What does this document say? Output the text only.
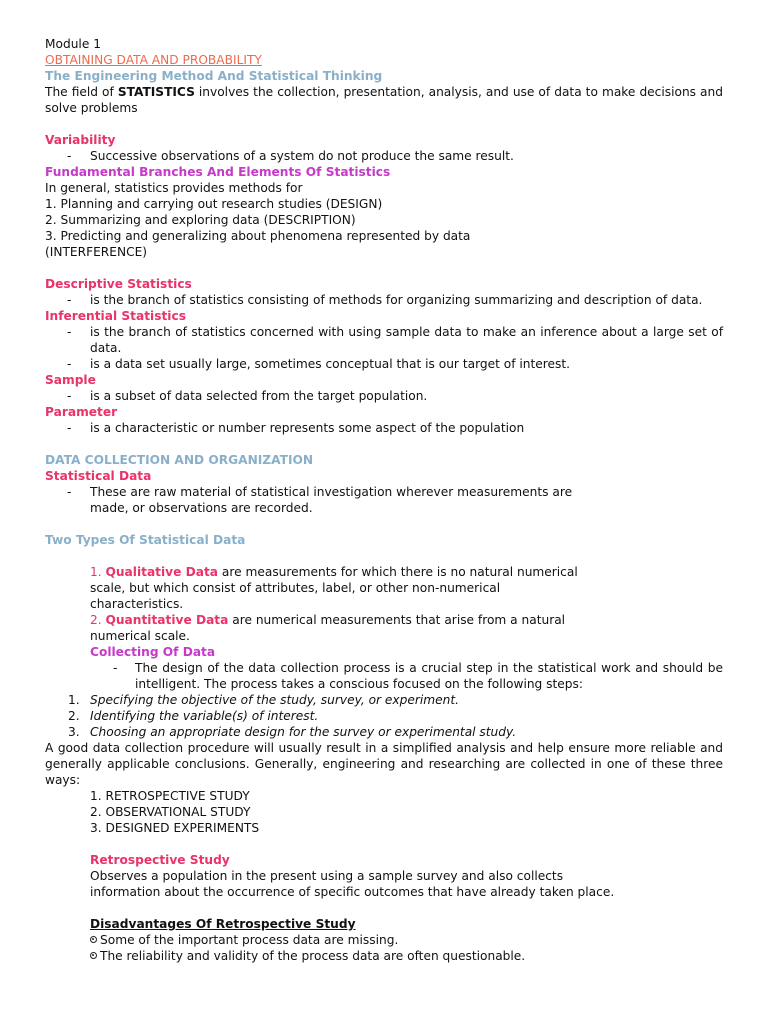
Module 1
OBTAINING DATA AND PROBABILITY
The Engineering Method And Statistical Thinking
The field of STATISTICS involves the collection, presentation, analysis, and use of data to make decisions and solve problems
Variability
- Successive observations of a system do not produce the same result.
Fundamental Branches And Elements Of Statistics
In general, statistics provides methods for
1. Planning and carrying out research studies (DESIGN)
2. Summarizing and exploring data (DESCRIPTION)
3. Predicting and generalizing about phenomena represented by data
(INTERFERENCE)
Descriptive Statistics
- is the branch of statistics consisting of methods for organizing summarizing and description of data.
Inferential Statistics
- is the branch of statistics concerned with using sample data to make an inference about a large set of data.
- is a data set usually large, sometimes conceptual that is our target of interest.
Sample
- is a subset of data selected from the target population.
Parameter
- is a characteristic or number represents some aspect of the population
DATA COLLECTION AND ORGANIZATION
Statistical Data
- These are raw material of statistical investigation wherever measurements are
made, or observations are recorded.
Two Types Of Statistical Data
1. Qualitative Data are measurements for which there is no natural numerical
scale, but which consist of attributes, label, or other non-numerical
characteristics.
2. Quantitative Data are numerical measurements that arise from a natural
numerical scale.
Collecting Of Data
- The design of the data collection process is a crucial step in the statistical work and should be intelligent. The process takes a conscious focused on the following steps:
1. Specifying the objective of the study, survey, or experiment.
2. Identifying the variable(s) of interest.
3. Choosing an appropriate design for the survey or experimental study.
A good data collection procedure will usually result in a simplified analysis and help ensure more reliable and generally applicable conclusions. Generally, engineering and researching are collected in one of these three ways:
1. RETROSPECTIVE STUDY
2. OBSERVATIONAL STUDY
3. DESIGNED EXPERIMENTS
Retrospective Study
Observes a population in the present using a sample survey and also collects
information about the occurrence of specific outcomes that have already taken place.
Disadvantages Of Retrospective Study
Some of the important process data are missing.
The reliability and validity of the process data are often questionable.
